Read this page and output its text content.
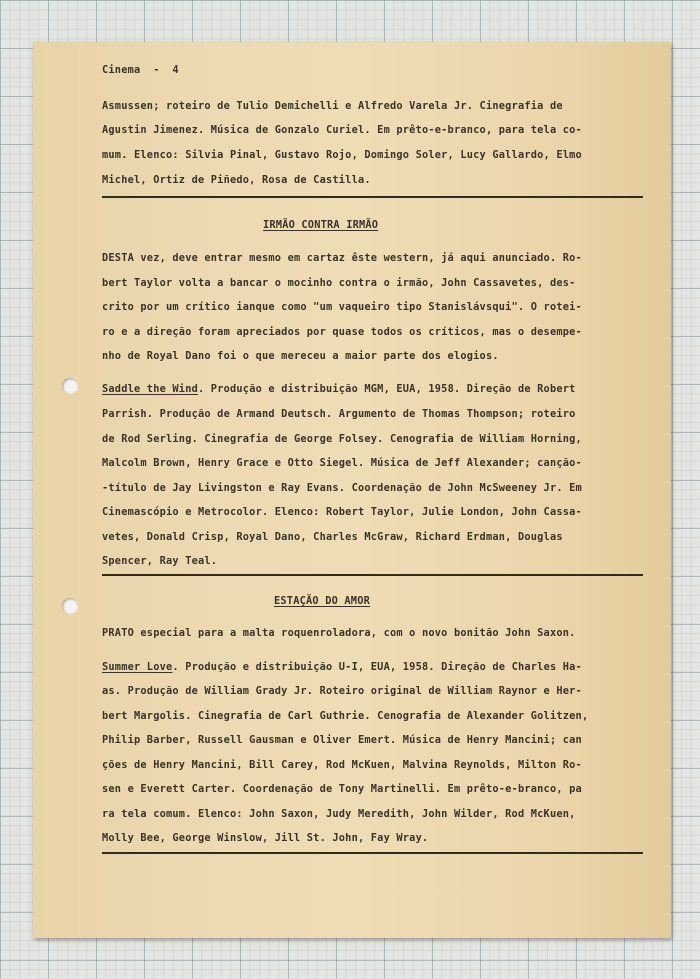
Cinema  -  4

Asmussen; roteiro de Tulio Demichelli e Alfredo Varela Jr. Cinegrafia de

Agustin Jimenez. Música de Gonzalo Curiel. Em prêto-e-branco, para tela co-

mum. Elenco: Silvia Pinal, Gustavo Rojo, Domingo Soler, Lucy Gallardo, Elmo

Michel, Ortiz de Piñedo, Rosa de Castilla.

IRMÃO CONTRA IRMÃO

DESTA vez, deve entrar mesmo em cartaz êste western, já aqui anunciado. Ro-

bert Taylor volta a bancar o mocinho contra o irmão, John Cassavetes, des-

crito por um crítico ianque como "um vaqueiro tipo Stanislávsqui". O rotei-

ro e a direção foram apreciados por quase todos os críticos, mas o desempe-

nho de Royal Dano foi o que mereceu a maior parte dos elogios.

Saddle the Wind. Produção e distribuição MGM, EUA, 1958. Direção de Robert

Parrish. Produção de Armand Deutsch. Argumento de Thomas Thompson; roteiro

de Rod Serling. Cinegrafia de George Folsey. Cenografia de William Horning,

Malcolm Brown, Henry Grace e Otto Siegel. Música de Jeff Alexander; canção-

-título de Jay Livingston e Ray Evans. Coordenação de John McSweeney Jr. Em

Cinemascópio e Metrocolor. Elenco: Robert Taylor, Julie London, John Cassa-

vetes, Donald Crisp, Royal Dano, Charles McGraw, Richard Erdman, Douglas

Spencer, Ray Teal.

ESTAÇÃO DO AMOR

PRATO especial para a malta roquenroladora, com o novo bonitão John Saxon.

Summer Love. Produção e distribuição U-I, EUA, 1958. Direção de Charles Ha-

as. Produção de William Grady Jr. Roteiro original de William Raynor e Her-

bert Margolis. Cinegrafia de Carl Guthrie. Cenografia de Alexander Golitzen,

Philip Barber, Russell Gausman e Oliver Emert. Música de Henry Mancini; can

ções de Henry Mancini, Bill Carey, Rod McKuen, Malvina Reynolds, Milton Ro-

sen e Everett Carter. Coordenação de Tony Martinelli. Em prêto-e-branco, pa

ra tela comum. Elenco: John Saxon, Judy Meredith, John Wilder, Rod McKuen,

Molly Bee, George Winslow, Jill St. John, Fay Wray.
